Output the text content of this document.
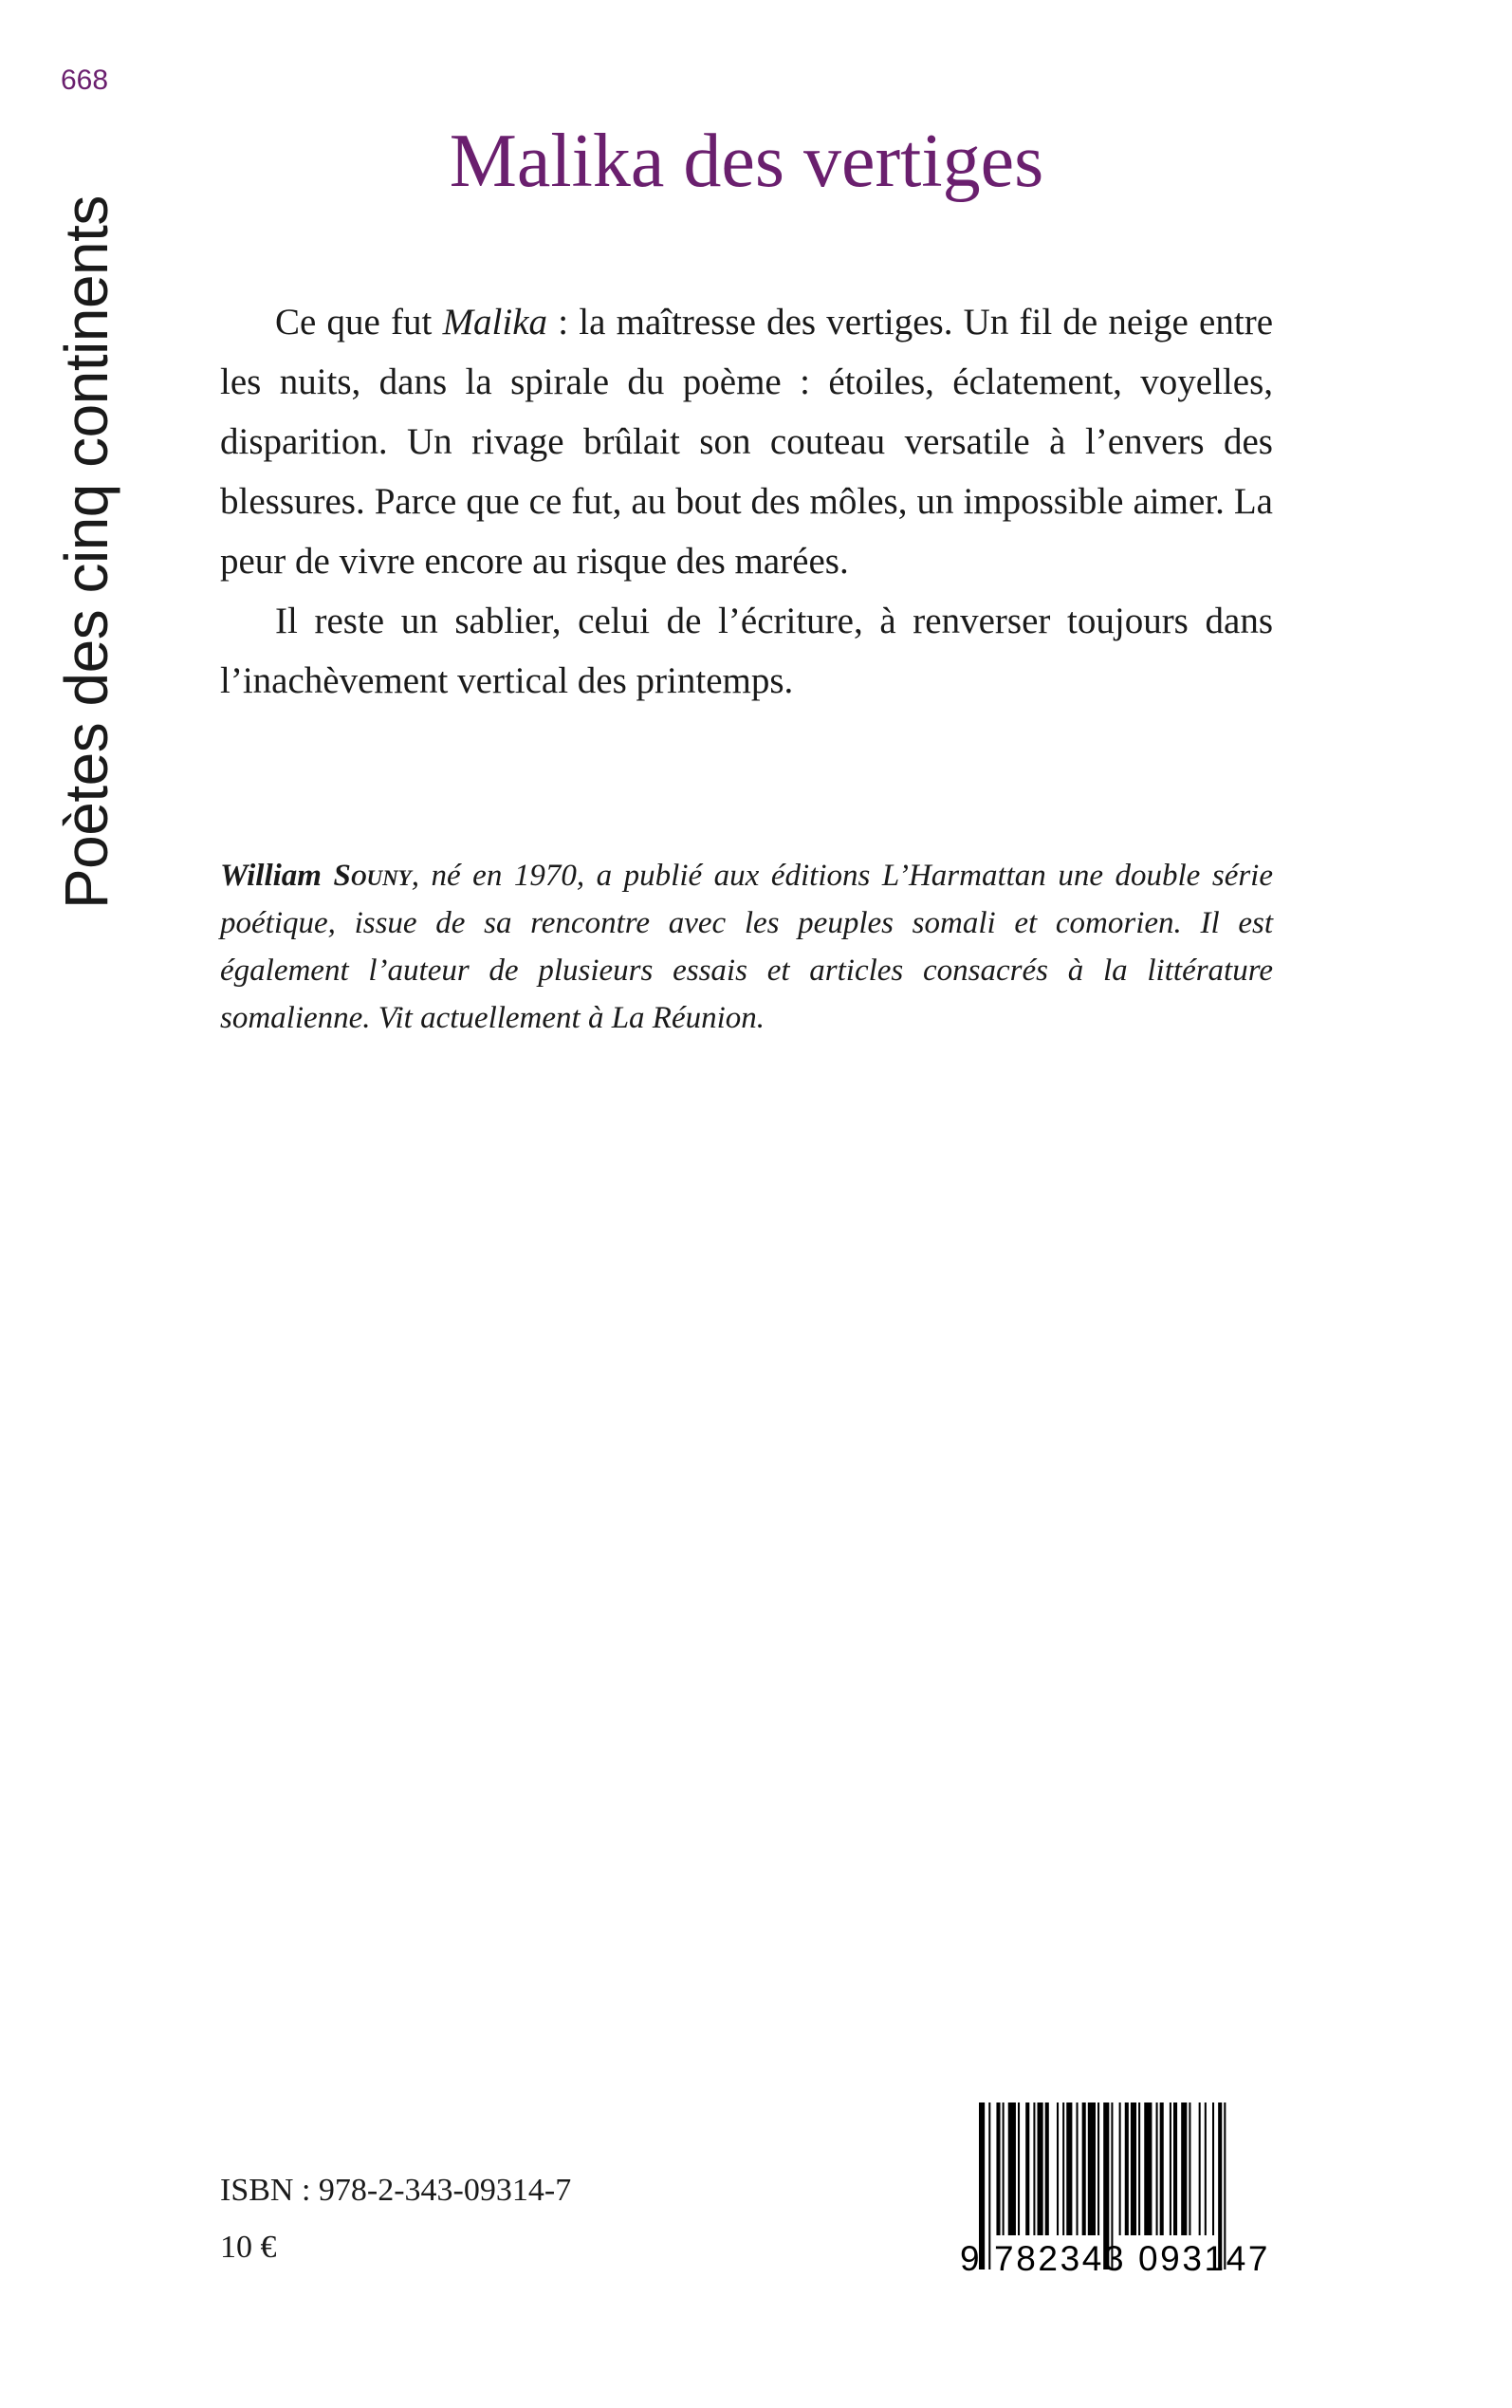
668
Poètes des cinq continents
Malika des vertiges

Ce que fut Malika : la maîtresse des vertiges. Un fil de neige entre les nuits, dans la spirale du poème : étoiles, éclatement, voyelles, disparition. Un rivage brûlait son couteau versatile à l’envers des blessures. Parce que ce fut, au bout des môles, un impossible aimer. La peur de vivre encore au risque des marées.

Il reste un sablier, celui de l’écriture, à renverser toujours dans l’inachèvement vertical des printemps.

William Souny, né en 1970, a publié aux éditions L’Harmattan une double série poétique, issue de sa rencontre avec les peuples somali et comorien. Il est également l’auteur de plusieurs essais et articles consacrés à la littérature somalienne. Vit actuellement à La Réunion.
ISBN : 978-2-343-09314-7
10 €	9 782343 093147
